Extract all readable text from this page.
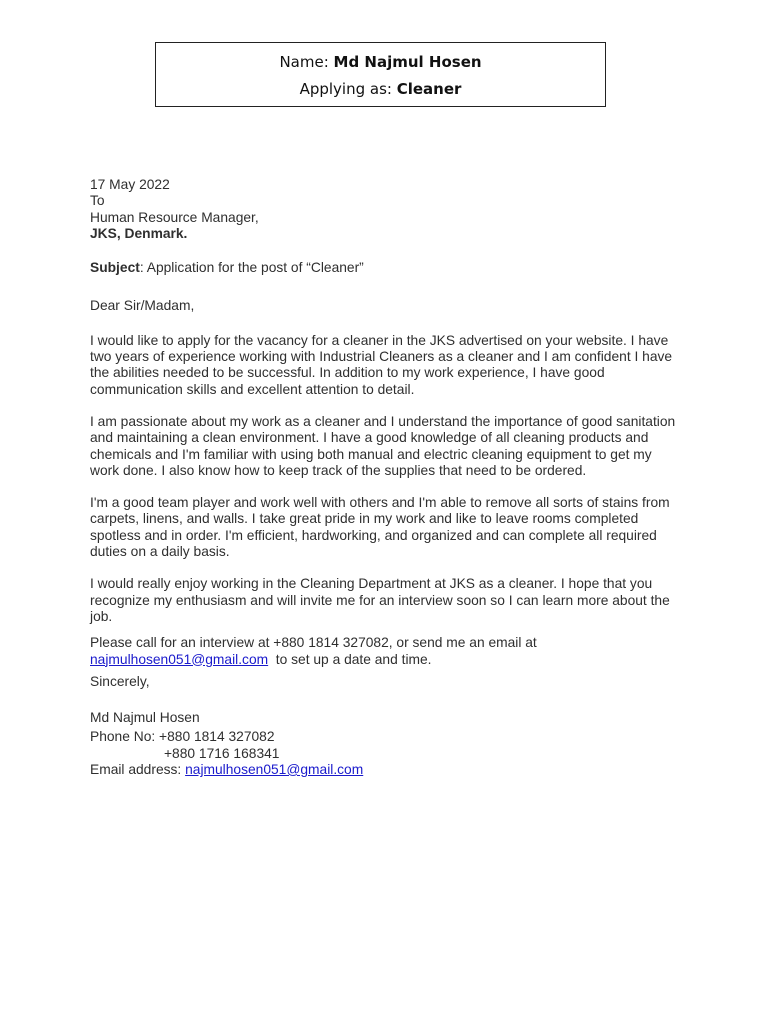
Name: Md Najmul Hosen
Applying as: Cleaner
17 May 2022
To
Human Resource Manager,
JKS, Denmark.
Subject: Application for the post of “Cleaner”
Dear Sir/Madam,

I would like to apply for the vacancy for a cleaner in the JKS advertised on your website. I have two years of experience working with Industrial Cleaners as a cleaner and I am confident I have the abilities needed to be successful. In addition to my work experience, I have good communication skills and excellent attention to detail.

I am passionate about my work as a cleaner and I understand the importance of good sanitation and maintaining a clean environment. I have a good knowledge of all cleaning products and chemicals and I'm familiar with using both manual and electric cleaning equipment to get my work done. I also know how to keep track of the supplies that need to be ordered.

I'm a good team player and work well with others and I'm able to remove all sorts of stains from carpets, linens, and walls. I take great pride in my work and like to leave rooms completed spotless and in order. I'm efficient, hardworking, and organized and can complete all required duties on a daily basis.

I would really enjoy working in the Cleaning Department at JKS as a cleaner. I hope that you recognize my enthusiasm and will invite me for an interview soon so I can learn more about the job.

Please call for an interview at +880 1814 327082, or send me an email at
najmulhosen051@gmail.com  to set up a date and time.
Sincerely,
Md Najmul Hosen
Phone No: +880 1814 327082
+880 1716 168341
Email address: najmulhosen051@gmail.com
